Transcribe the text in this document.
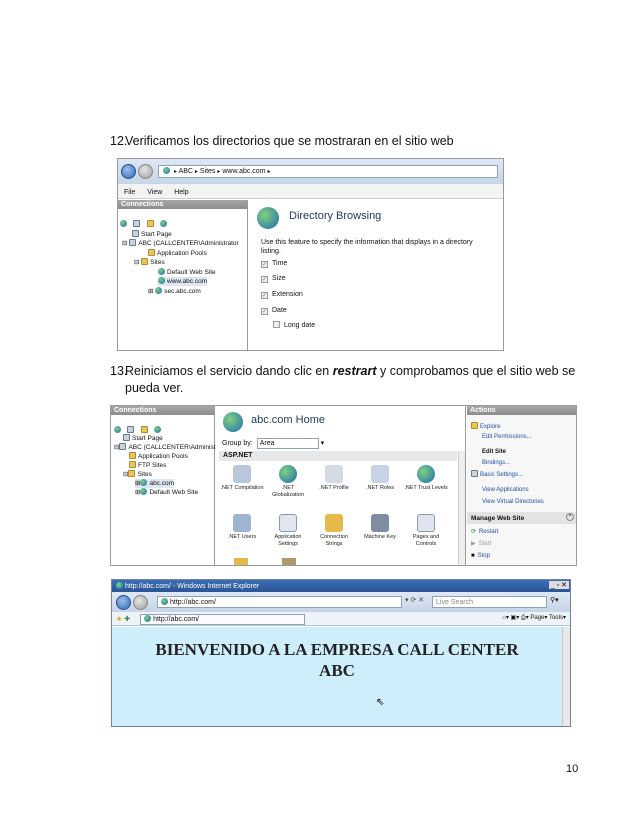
12.
Verificamos los directorios que se mostraran en el sitio web
▸ ABC ▸ Sites ▸ www.abc.com ▸
File View Help
Connections

Start Page
⊟ ABC (CALLCENTER\Administrator
Application Pools
⊟ Sites
Default Web Site
www.abc.com
⊞ sec.abc.com
Directory Browsing
Use this feature to specify the information that displays in a directory listing.
✓ Time
✓ Size
✓ Extension
✓ Date
Long date
13.
Reiniciamos el servicio dando clic en restrart y comprobamos que el sitio web se
pueda ver.
Connections

Start Page
⊟ ABC (CALLCENTER\Administ
Application Pools
FTP Sites
⊟ Sites
⊞ abc.com
⊞ Default Web Site
abc.com Home
Group by: Area	▾
ASP.NET
.NET Compilation	.NET Globalization
.NET Profile	.NET Roles	.NET Trust Levels
.NET Users	Application Settings
Connection Strings
Machine Key	Pages and Controls
Actions
Explore
Edit Permissions...
Edit Site
Bindings...
Basic Settings...
View Applications
View Virtual Directories
Manage Web Site	⌃
⟳ Restart
▶ Start
■ Stop
http://abc.com/ - Windows Internet Explorer	_ ▫ ✕
http://abc.com/	▾ ⟳ ✕	Live Search	⚲▾
★ ✚	http://abc.com/	⌂▾ ▣▾ ⎙▾ Page▾ Tools▾
BIENVENIDO A LA EMPRESA CALL CENTER
ABC
⇖
10
